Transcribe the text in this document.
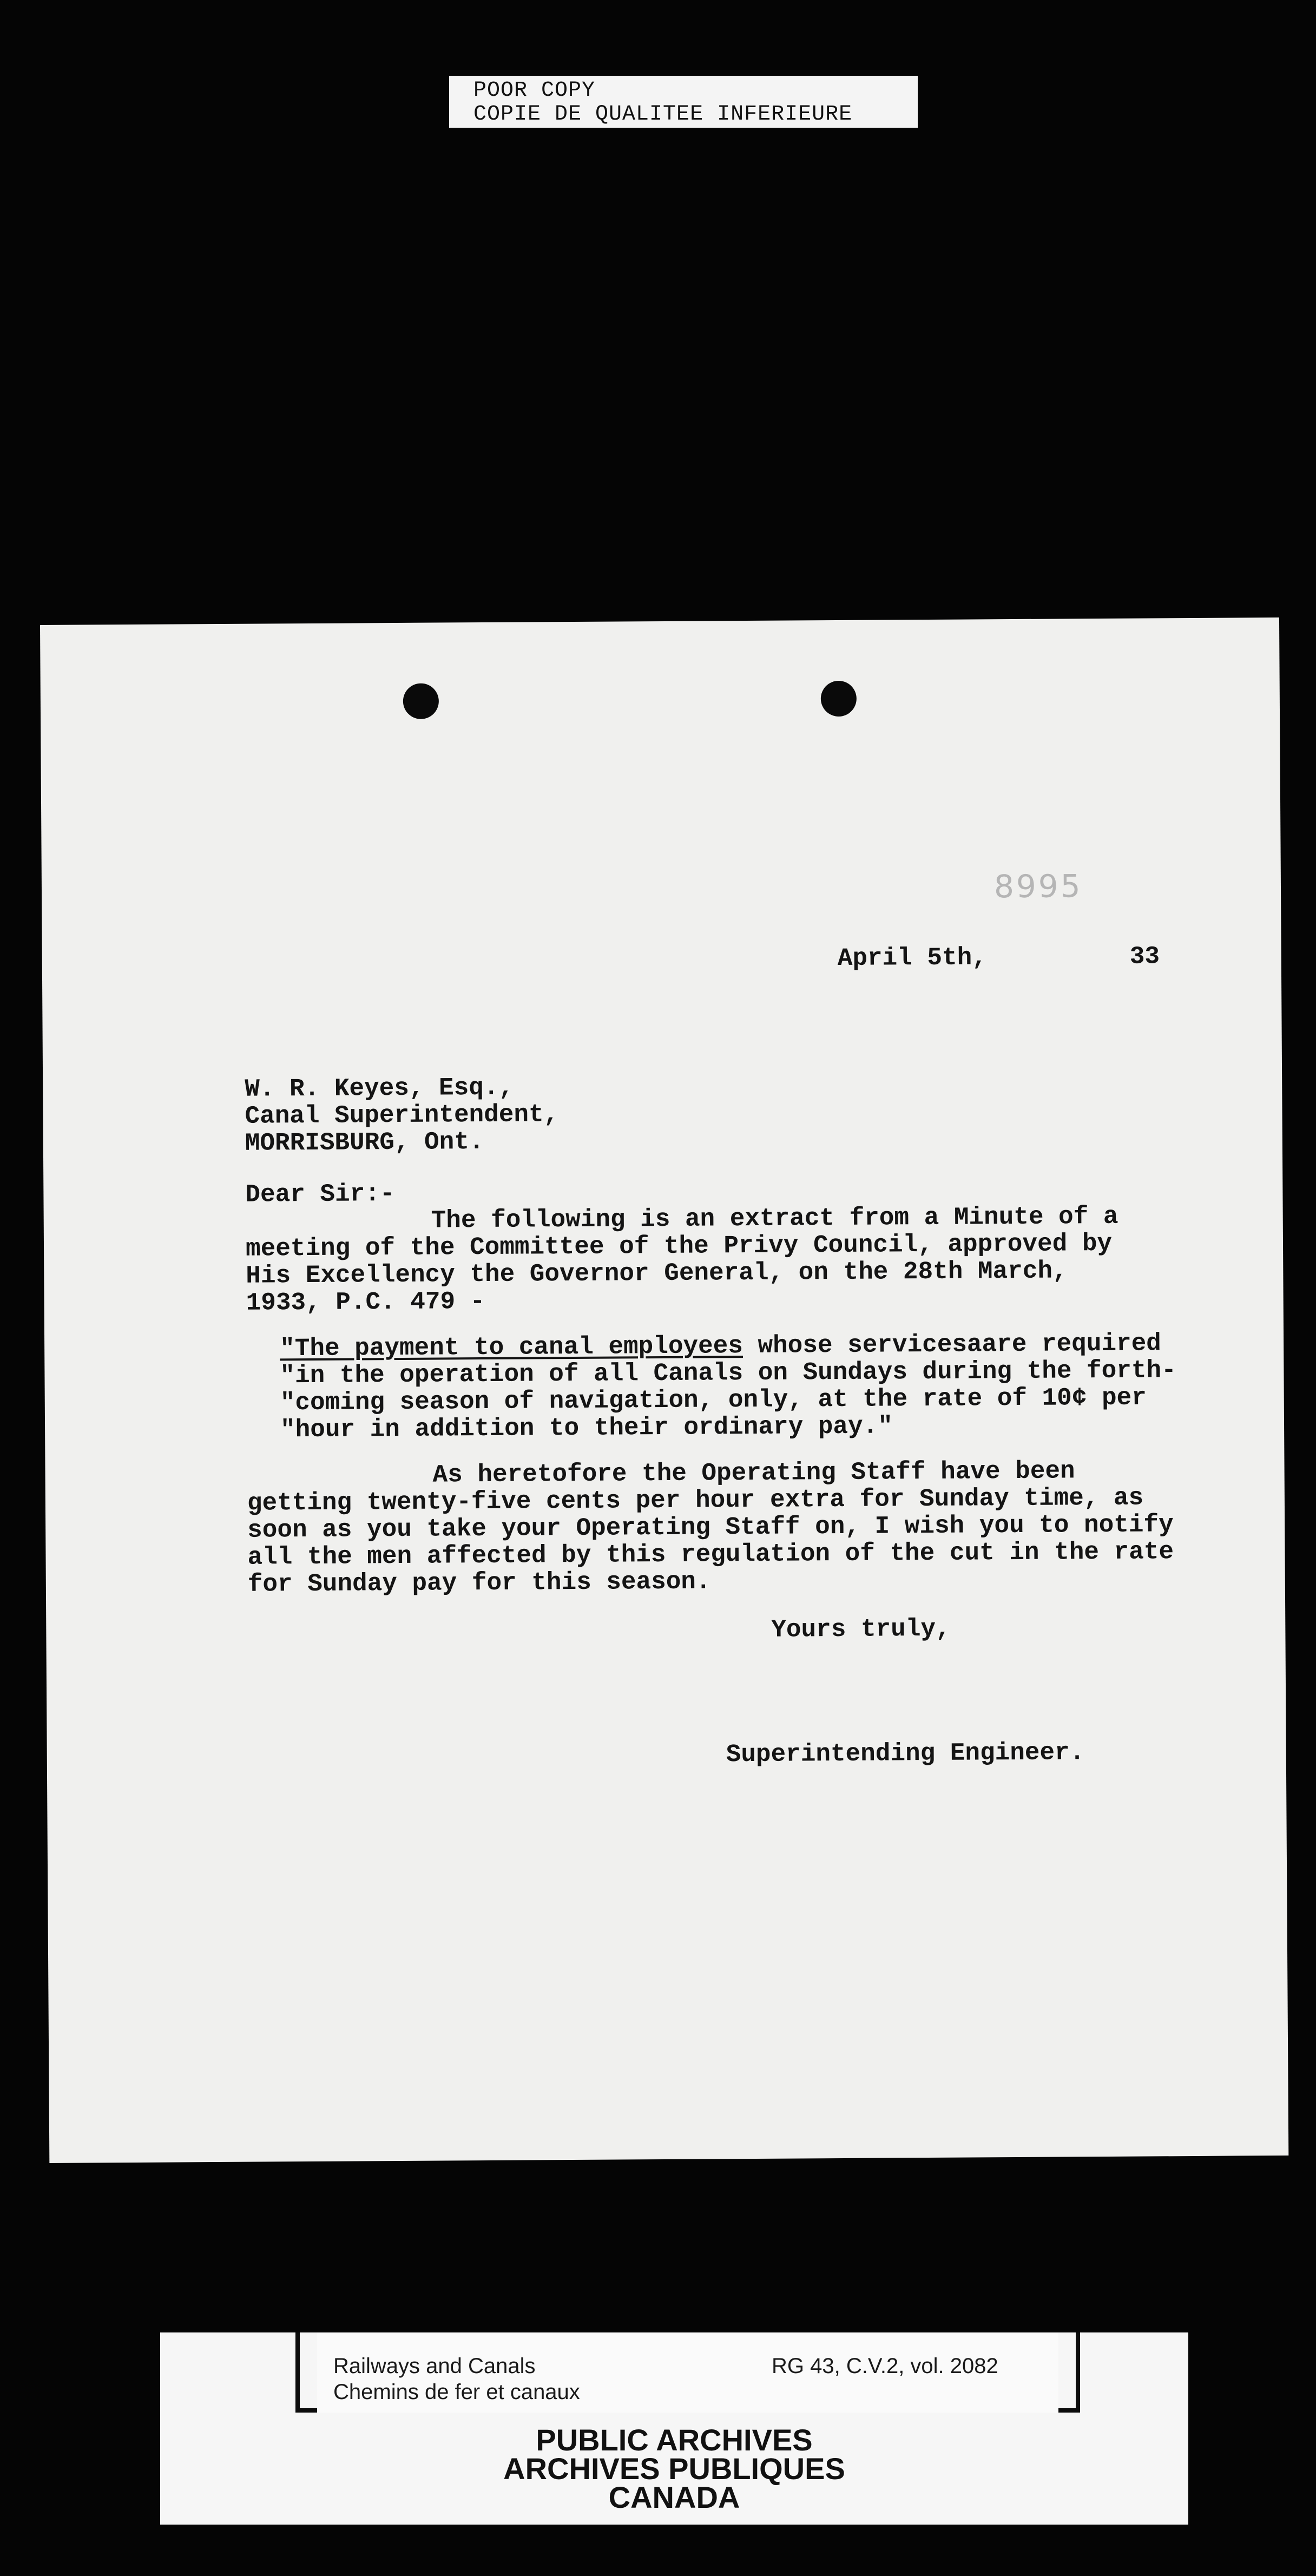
POOR COPY
COPIE DE QUALITEE INFERIEURE
8995
April 5th,	33
W. R. Keyes, Esq.,
Canal Superintendent,
MORRISBURG, Ont.
Dear Sir:-
The following is an extract from a Minute of a
meeting of the Committee of the Privy Council, approved by
His Excellency the Governor General, on the 28th March,
1933, P.C. 479 -
"The payment to canal employees whose servicesaare required
"in the operation of all Canals on Sundays during the forth-
"coming season of navigation, only, at the rate of 10¢ per
"hour in addition to their ordinary pay."
As heretofore the Operating Staff have been
getting twenty-five cents per hour extra for Sunday time, as
soon as you take your Operating Staff on, I wish you to notify
all the men affected by this regulation of the cut in the rate
for Sunday pay for this season.
Yours truly,
Superintending Engineer.
Railways and Canals
Chemins de fer et canaux
RG 43, C.V.2, vol. 2082
PUBLIC ARCHIVES
ARCHIVES PUBLIQUES
CANADA
